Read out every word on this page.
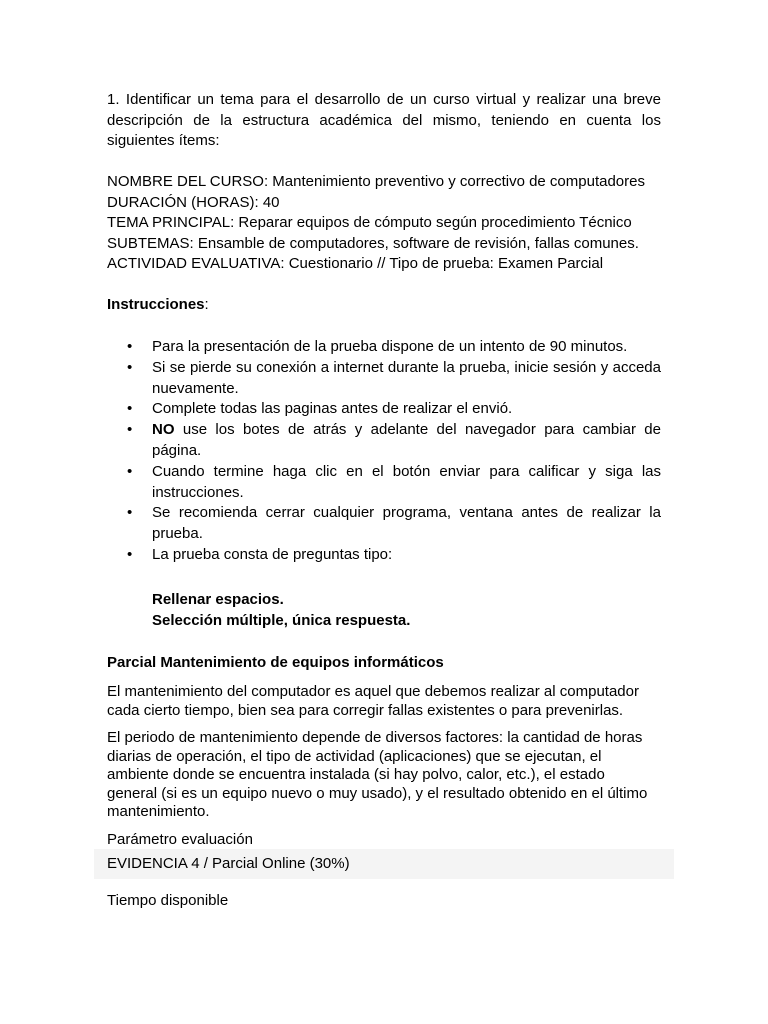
1. Identificar un tema para el desarrollo de un curso virtual y realizar una breve
descripción de la estructura académica del mismo, teniendo en cuenta los
siguientes ítems:
NOMBRE DEL CURSO: Mantenimiento preventivo y correctivo de computadores
DURACIÓN (HORAS): 40
TEMA PRINCIPAL: Reparar equipos de cómputo según procedimiento Técnico
SUBTEMAS: Ensamble de computadores, software de revisión, fallas comunes.
ACTIVIDAD EVALUATIVA: Cuestionario // Tipo de prueba: Examen Parcial
Instrucciones:
• Para la presentación de la prueba dispone de un intento de 90 minutos.
• Si se pierde su conexión a internet durante la prueba, inicie sesión y acceda nuevamente.
• Complete todas las paginas antes de realizar el envió.
• NO use los botes de atrás y adelante del navegador para cambiar de página.
• Cuando termine haga clic en el botón enviar para calificar y siga las instrucciones.
• Se recomienda cerrar cualquier programa, ventana antes de realizar la prueba.
• La prueba consta de preguntas tipo:
Rellenar espacios.
Selección múltiple, única respuesta.
Parcial Mantenimiento de equipos informáticos
El mantenimiento del computador es aquel que debemos realizar al computador
cada cierto tiempo, bien sea para corregir fallas existentes o para prevenirlas.
El periodo de mantenimiento depende de diversos factores: la cantidad de horas
diarias de operación, el tipo de actividad (aplicaciones) que se ejecutan, el
ambiente donde se encuentra instalada (si hay polvo, calor, etc.), el estado
general (si es un equipo nuevo o muy usado), y el resultado obtenido en el último
mantenimiento.
Parámetro evaluación
EVIDENCIA 4 / Parcial Online (30%)
Tiempo disponible
